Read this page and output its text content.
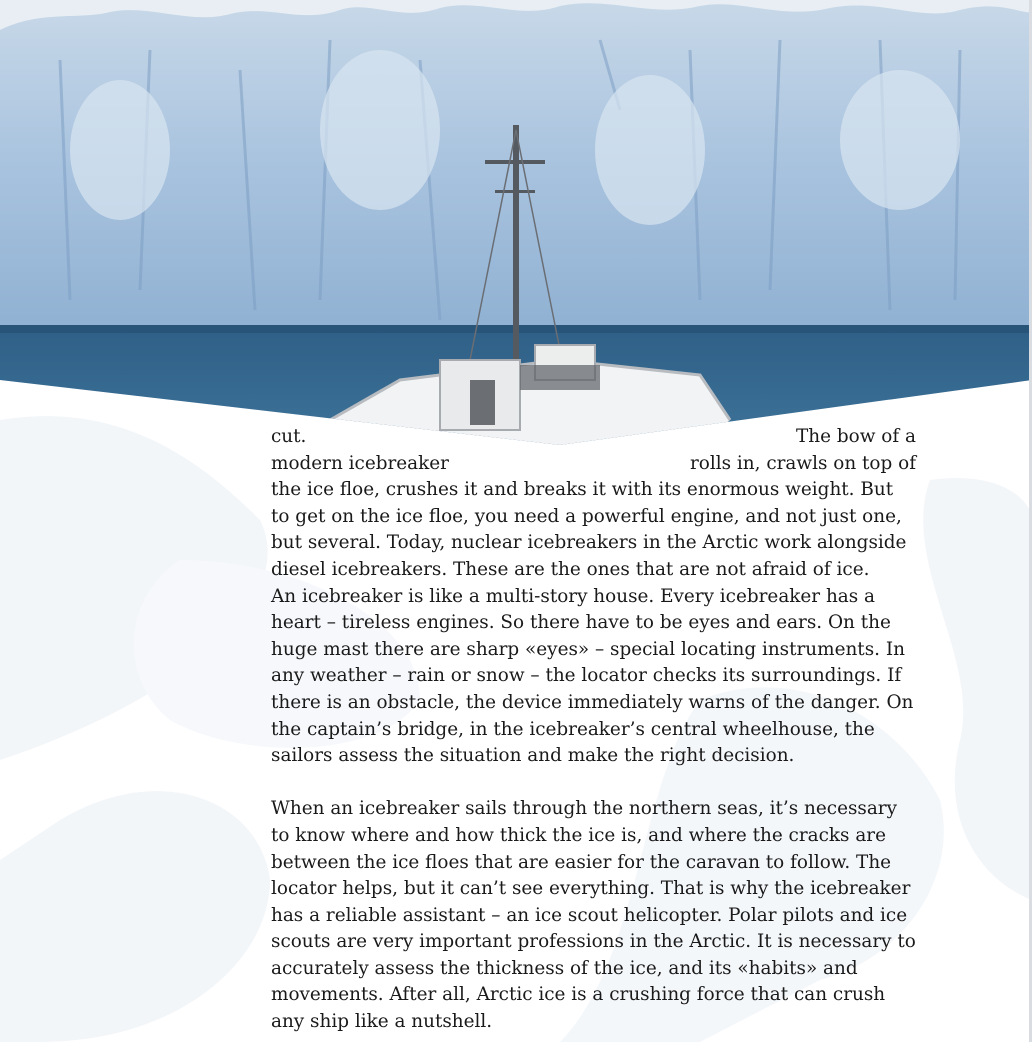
cut.	The bow of a
modern icebreaker	rolls in, crawls on top of

the ice floe, crushes it and breaks it with its enormous weight. But to get on the ice floe, you need a powerful engine, and not just one, but several. Today, nuclear icebreakers in the Arctic work alongside diesel icebreakers. These are the ones that are not afraid of ice.

An icebreaker is like a multi-story house. Every icebreaker has a heart – tireless engines. So there have to be eyes and ears. On the huge mast there are sharp «eyes» – special locating instruments. In any weather – rain or snow – the locator checks its surroundings. If there is an obstacle, the device immediately warns of the danger. On the captain’s bridge, in the icebreaker’s central wheelhouse, the sailors assess the situation and make the right decision.

When an icebreaker sails through the northern seas, it’s necessary to know where and how thick the ice is, and where the cracks are between the ice floes that are easier for the caravan to follow. The locator helps, but it can’t see everything. That is why the icebreaker has a reliable assistant – an ice scout helicopter. Polar pilots and ice scouts are very important professions in the Arctic. It is necessary to accurately assess the thickness of the ice, and its «habits» and movements. After all, Arctic ice is a crushing force that can crush any ship like a nutshell.
